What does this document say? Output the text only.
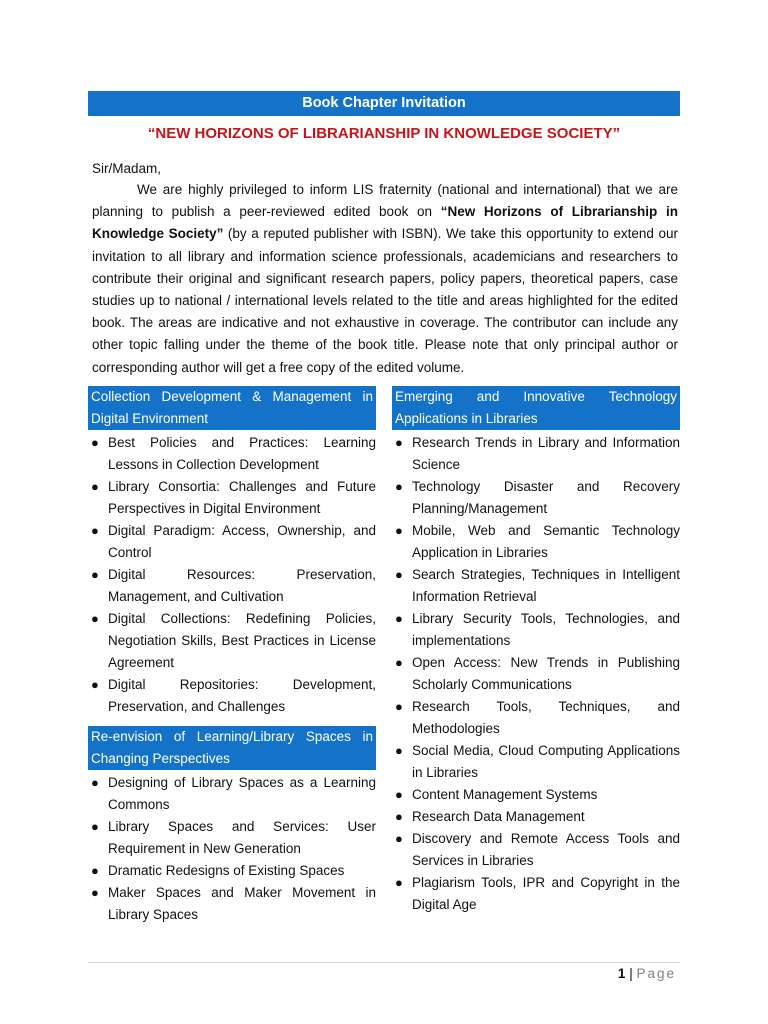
Book Chapter Invitation
“NEW HORIZONS OF LIBRARIANSHIP IN KNOWLEDGE SOCIETY”
Sir/Madam,

We are highly privileged to inform LIS fraternity (national and international) that we are planning to publish a peer-reviewed edited book on “New Horizons of Librarianship in Knowledge Society” (by a reputed publisher with ISBN). We take this opportunity to extend our invitation to all library and information science professionals, academicians and researchers to contribute their original and significant research papers, policy papers, theoretical papers, case studies up to national / international levels related to the title and areas highlighted for the edited book. The areas are indicative and not exhaustive in coverage. The contributor can include any other topic falling under the theme of the book title. Please note that only principal author or corresponding author will get a free copy of the edited volume.

Collection Development & Management in
Digital Environment
● Best Policies and Practices: Learning Lessons in Collection Development
● Library Consortia: Challenges and Future Perspectives in Digital Environment
● Digital Paradigm: Access, Ownership, and Control
● Digital Resources: Preservation, Management, and Cultivation
● Digital Collections: Redefining Policies, Negotiation Skills, Best Practices in License Agreement
● Digital Repositories: Development, Preservation, and Challenges
Re-envision of Learning/Library Spaces in
Changing Perspectives
● Designing of Library Spaces as a Learning Commons
● Library Spaces and Services: User Requirement in New Generation
● Dramatic Redesigns of Existing Spaces
● Maker Spaces and Maker Movement in Library Spaces
Emerging and Innovative Technology
Applications in Libraries
● Research Trends in Library and Information Science
● Technology Disaster and Recovery Planning/Management
● Mobile, Web and Semantic Technology Application in Libraries
● Search Strategies, Techniques in Intelligent Information Retrieval
● Library Security Tools, Technologies, and implementations
● Open Access: New Trends in Publishing Scholarly Communications
● Research Tools, Techniques, and Methodologies
● Social Media, Cloud Computing Applications in Libraries
● Content Management Systems
● Research Data Management
● Discovery and Remote Access Tools and Services in Libraries
● Plagiarism Tools, IPR and Copyright in the Digital Age
1 | Page
